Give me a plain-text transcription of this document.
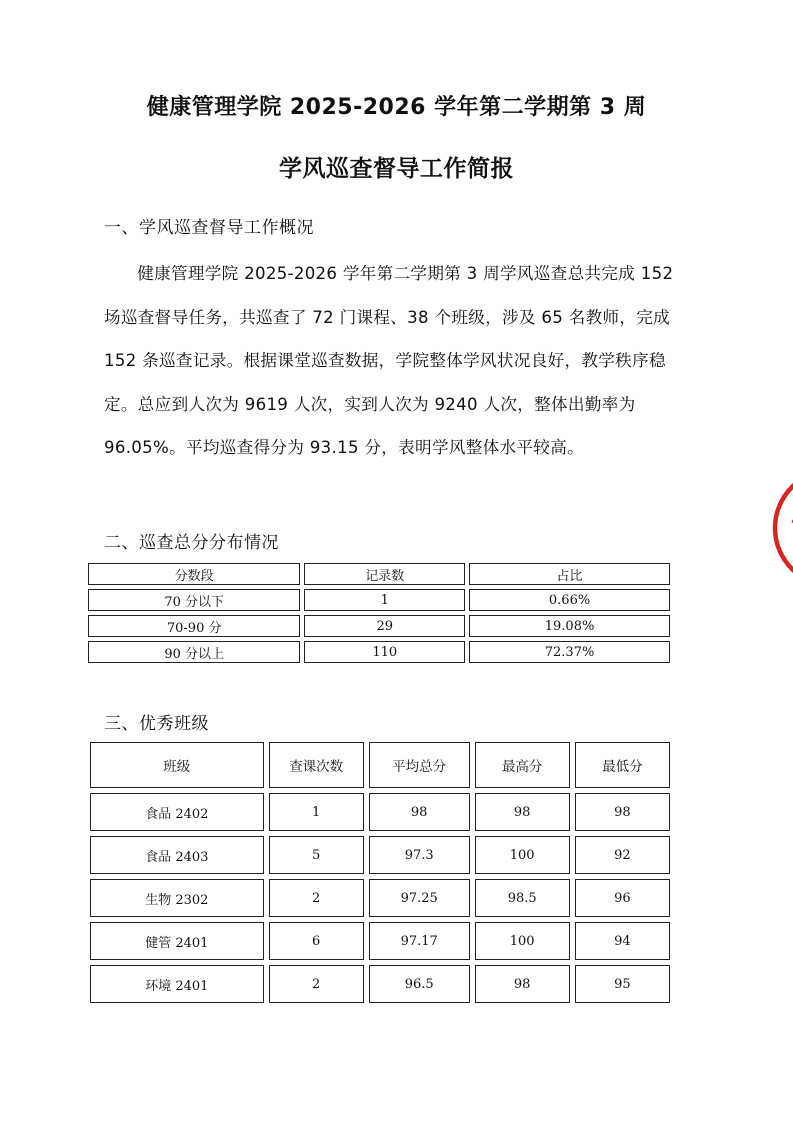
健康管理学院 2025-2026 学年第二学期第 3 周
学风巡查督导工作简报
一、学风巡查督导工作概况

健康管理学院 2025-2026 学年第二学期第 3 周学风巡查总共完成 152 场巡查督导任务，共巡查了 72 门课程、38 个班级，涉及 65 名教师，完成 152 条巡查记录。根据课堂巡查数据，学院整体学风状况良好，教学秩序稳定。总应到人次为 9619 人次，实到人次为 9240 人次，整体出勤率为 96.05%。平均巡查得分为 93.15 分，表明学风整体水平较高。

二、巡查总分分布情况
分数段	记录数	占比
70 分以下	1	0.66%
70-90 分	29	19.08%
90 分以上	110	72.37%
三、优秀班级
班级	查课次数	平均总分	最高分	最低分
食品 2402	1	98	98	98
食品 2403	5	97.3	100	92
生物 2302	2	97.25	98.5	96
健管 2401	6	97.17	100	94
环境 2401	2	96.5	98	95
